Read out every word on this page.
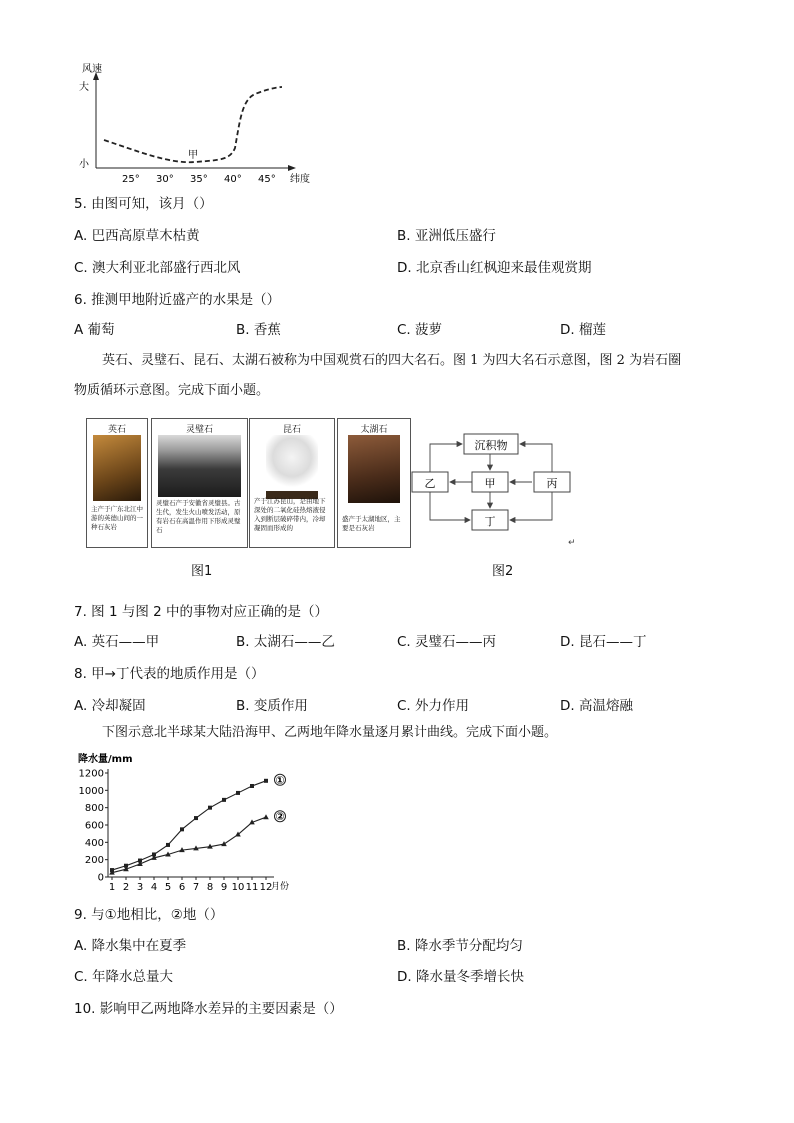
风速
大
小
纬度
25° 30° 35° 40° 45°
甲
5. 由图可知，该月（）
A. 巴西高原草木枯黄	B. 亚洲低压盛行
C. 澳大利亚北部盛行西北风	D. 北京香山红枫迎来最佳观赏期
6. 推测甲地附近盛产的水果是（）
A 葡萄	B. 香蕉	C. 菠萝	D. 榴莲
英石、灵璧石、昆石、太湖石被称为中国观赏石的四大名石。图 1 为四大名石示意图，图 2 为岩石圈
物质循环示意图。完成下面小题。
英石
主产于广东北江中游的英德山间的一种石灰岩
灵璧石
灵璧石产于安徽省灵璧县。古生代，发生火山喷发活动，原有岩石在高温作用下形成灵璧石
昆石
产于江苏昆山，是由地下深处的二氧化硅热熔液侵入到断层破碎带内，冷却凝固而形成的
太湖石
盛产于太湖地区，主要是石灰岩
沉积物
乙	甲	丙
丁
↵
图1	图2
7. 图 1 与图 2 中的事物对应正确的是（）
A. 英石——甲	B. 太湖石——乙	C. 灵璧石——丙	D. 昆石——丁
8. 甲→丁代表的地质作用是（）
A. 冷却凝固	B. 变质作用	C. 外力作用	D. 高温熔融
下图示意北半球某大陆沿海甲、乙两地年降水量逐月累计曲线。完成下面小题。
降水量/mm
月份
0
200
400
600
800
1000
1200
1 2 3 4 5 6 7 8 9 10 11 12
①
②
9. 与①地相比，②地（）
A. 降水集中在夏季	B. 降水季节分配均匀
C. 年降水总量大	D. 降水量冬季增长快
10. 影响甲乙两地降水差异的主要因素是（）
